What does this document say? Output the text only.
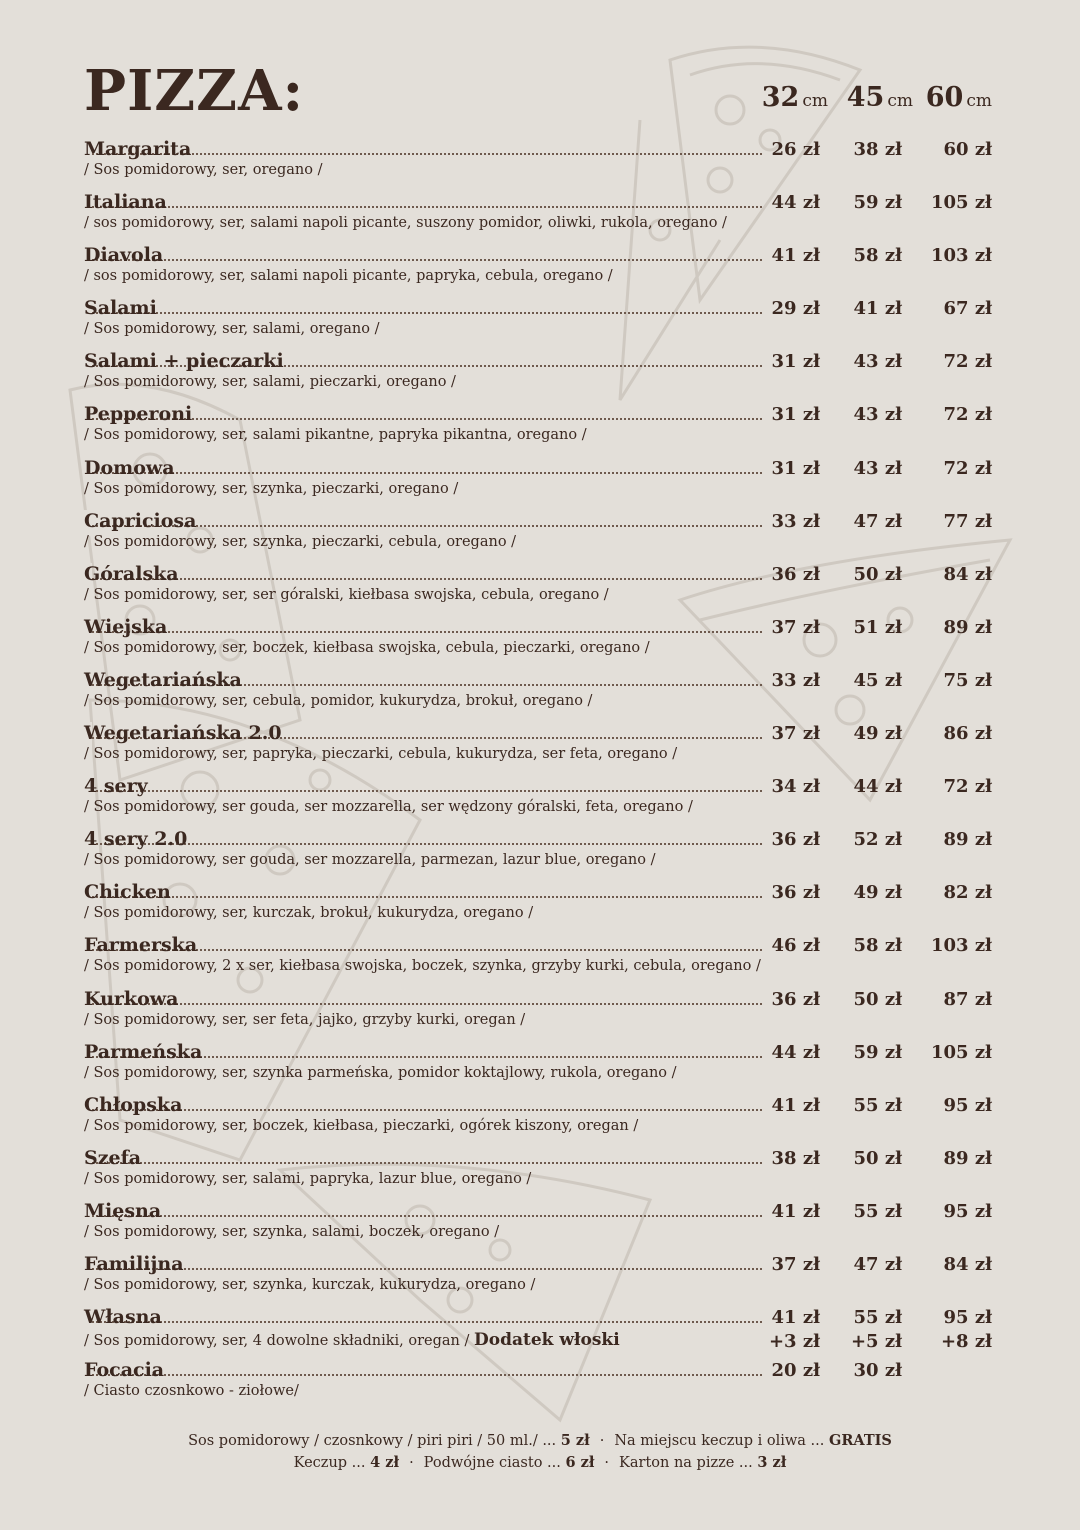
PIZZA:	32 cm 45 cm 60 cm
Margarita	26 zł	38 zł	60 zł
/ Sos pomidorowy, ser, oregano /
Italiana	44 zł	59 zł	105 zł
/ sos pomidorowy, ser, salami napoli picante, suszony pomidor, oliwki, rukola, oregano /
Diavola	41 zł	58 zł	103 zł
/ sos pomidorowy, ser, salami napoli picante, papryka, cebula, oregano /
Salami	29 zł	41 zł	67 zł
/ Sos pomidorowy, ser, salami, oregano /
Salami + pieczarki	31 zł	43 zł	72 zł
/ Sos pomidorowy, ser, salami, pieczarki, oregano /
Pepperoni	31 zł	43 zł	72 zł
/ Sos pomidorowy, ser, salami pikantne, papryka pikantna, oregano /
Domowa	31 zł	43 zł	72 zł
/ Sos pomidorowy, ser, szynka, pieczarki, oregano /
Capriciosa	33 zł	47 zł	77 zł
/ Sos pomidorowy, ser, szynka, pieczarki, cebula, oregano /
Góralska	36 zł	50 zł	84 zł
/ Sos pomidorowy, ser, ser góralski, kiełbasa swojska, cebula, oregano /
Wiejska	37 zł	51 zł	89 zł
/ Sos pomidorowy, ser, boczek, kiełbasa swojska, cebula, pieczarki, oregano /
Wegetariańska	33 zł	45 zł	75 zł
/ Sos pomidorowy, ser, cebula, pomidor, kukurydza, brokuł, oregano /
Wegetariańska 2.0	37 zł	49 zł	86 zł
/ Sos pomidorowy, ser, papryka, pieczarki, cebula, kukurydza, ser feta, oregano /
4 sery	34 zł	44 zł	72 zł
/ Sos pomidorowy, ser gouda, ser mozzarella, ser wędzony góralski, feta, oregano /
4 sery 2.0	36 zł	52 zł	89 zł
/ Sos pomidorowy, ser gouda, ser mozzarella, parmezan, lazur blue, oregano /
Chicken	36 zł	49 zł	82 zł
/ Sos pomidorowy, ser, kurczak, brokuł, kukurydza, oregano /
Farmerska	46 zł	58 zł	103 zł
/ Sos pomidorowy, 2 x ser, kiełbasa swojska, boczek, szynka, grzyby kurki, cebula, oregano /
Kurkowa	36 zł	50 zł	87 zł
/ Sos pomidorowy, ser, ser feta, jajko, grzyby kurki, oregan /
Parmeńska	44 zł	59 zł	105 zł
/ Sos pomidorowy, ser, szynka parmeńska, pomidor koktajlowy, rukola, oregano /
Chłopska	41 zł	55 zł	95 zł
/ Sos pomidorowy, ser, boczek, kiełbasa, pieczarki, ogórek kiszony, oregan /
Szefa	38 zł	50 zł	89 zł
/ Sos pomidorowy, ser, salami, papryka, lazur blue, oregano /
Mięsna	41 zł	55 zł	95 zł
/ Sos pomidorowy, ser, szynka, salami, boczek, oregano /
Familijna	37 zł	47 zł	84 zł
/ Sos pomidorowy, ser, szynka, kurczak, kukurydza, oregano /
Własna	41 zł	55 zł	95 zł
/ Sos pomidorowy, ser, 4 dowolne składniki, oregan / Dodatek włoski	+3 zł	+5 zł	+8 zł
Focacia	20 zł	30 zł
/ Ciasto czosnkowo - ziołowe/
Sos pomidorowy / czosnkowy / piri piri / 50 ml./ ... 5 zł · Na miejscu keczup i oliwa ... GRATIS
Keczup ... 4 zł · Podwójne ciasto ... 6 zł · Karton na pizze ... 3 zł
